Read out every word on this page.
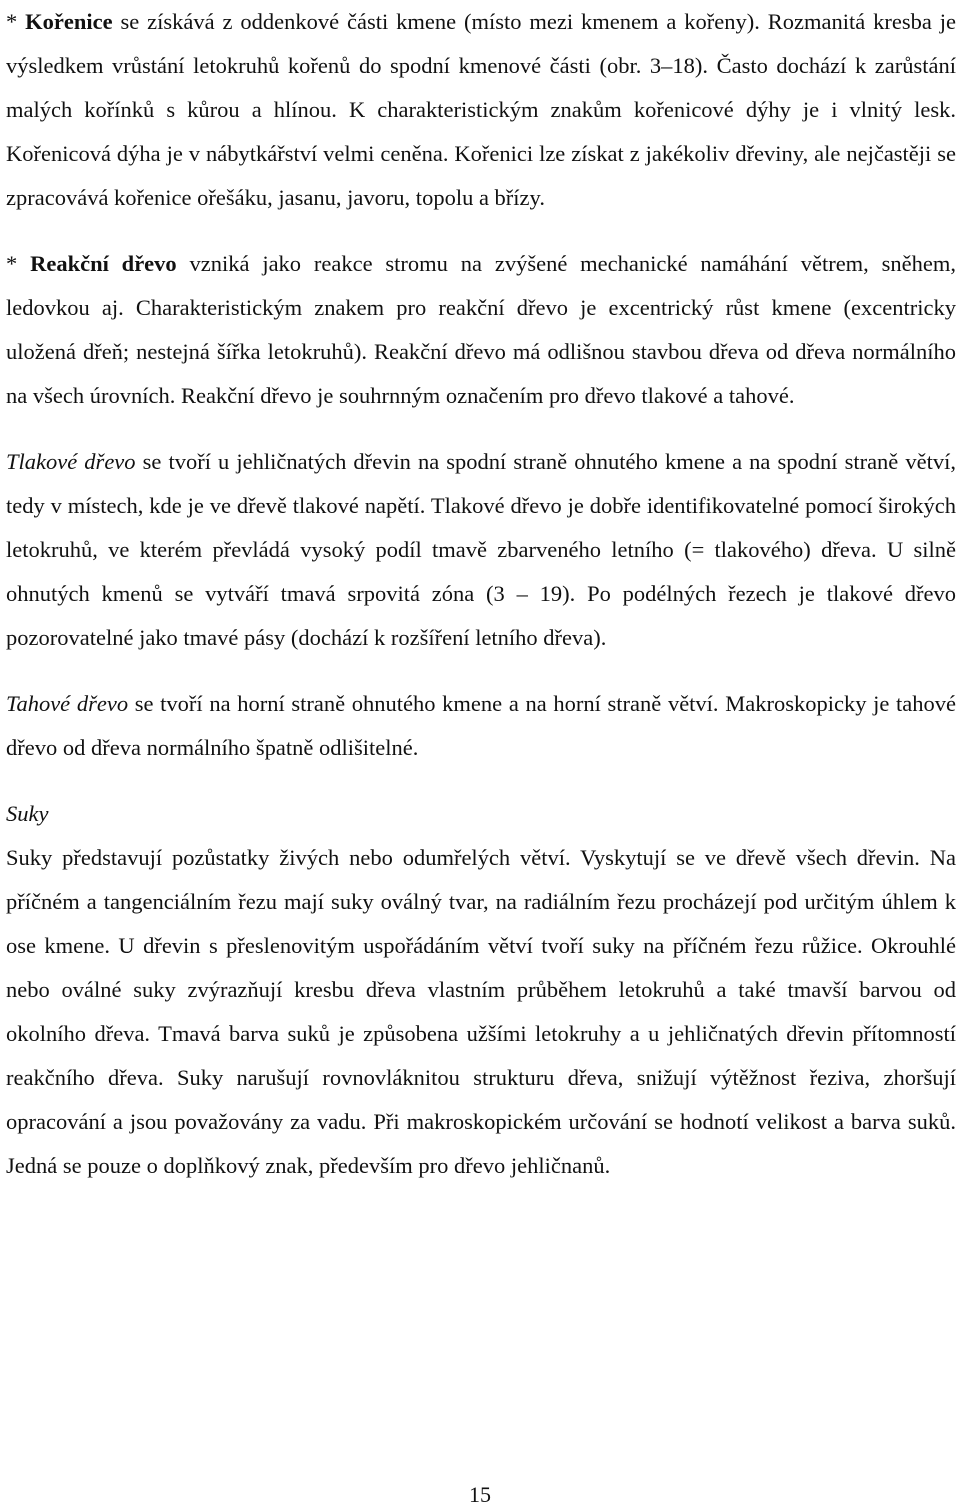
* Kořenice se získává z oddenkové části kmene (místo mezi kmenem a kořeny). Rozmanitá kresba je výsledkem vrůstání letokruhů kořenů do spodní kmenové části (obr. 3–18). Často dochází k zarůstání malých kořínků s kůrou a hlínou. K charakteristickým znakům kořenicové dýhy je i vlnitý lesk. Kořenicová dýha je v nábytkářství velmi ceněna. Kořenici lze získat z jakékoliv dřeviny, ale nejčastěji se zpracovává kořenice ořešáku, jasanu, javoru, topolu a břízy.

* Reakční dřevo vzniká jako reakce stromu na zvýšené mechanické namáhání větrem, sněhem, ledovkou aj. Charakteristickým znakem pro reakční dřevo je excentrický růst kmene (excentricky uložená dřeň; nestejná šířka letokruhů). Reakční dřevo má odlišnou stavbou dřeva od dřeva normálního na všech úrovních. Reakční dřevo je souhrnným označením pro dřevo tlakové a tahové.

Tlakové dřevo se tvoří u jehličnatých dřevin na spodní straně ohnutého kmene a na spodní straně větví, tedy v místech, kde je ve dřevě tlakové napětí. Tlakové dřevo je dobře identifikovatelné pomocí širokých letokruhů, ve kterém převládá vysoký podíl tmavě zbarveného letního (= tlakového) dřeva. U silně ohnutých kmenů se vytváří tmavá srpovitá zóna (3 – 19). Po podélných řezech je tlakové dřevo pozorovatelné jako tmavé pásy (dochází k rozšíření letního dřeva).

Tahové dřevo se tvoří na horní straně ohnutého kmene a na horní straně větví. Makroskopicky je tahové dřevo od dřeva normálního špatně odlišitelné.

Suky

Suky představují pozůstatky živých nebo odumřelých větví. Vyskytují se ve dřevě všech dřevin. Na příčném a tangenciálním řezu mají suky oválný tvar, na radiálním řezu procházejí pod určitým úhlem k ose kmene. U dřevin s přeslenovitým uspořádáním větví tvoří suky na příčném řezu růžice. Okrouhlé nebo oválné suky zvýrazňují kresbu dřeva vlastním průběhem letokruhů a také tmavší barvou od okolního dřeva. Tmavá barva suků je způsobena užšími letokruhy a u jehličnatých dřevin přítomností reakčního dřeva. Suky narušují rovnovláknitou strukturu dřeva, snižují výtěžnost řeziva, zhoršují opracování a jsou považovány za vadu. Při makroskopickém určování se hodnotí velikost a barva suků. Jedná se pouze o doplňkový znak, především pro dřevo jehličnanů.

15
